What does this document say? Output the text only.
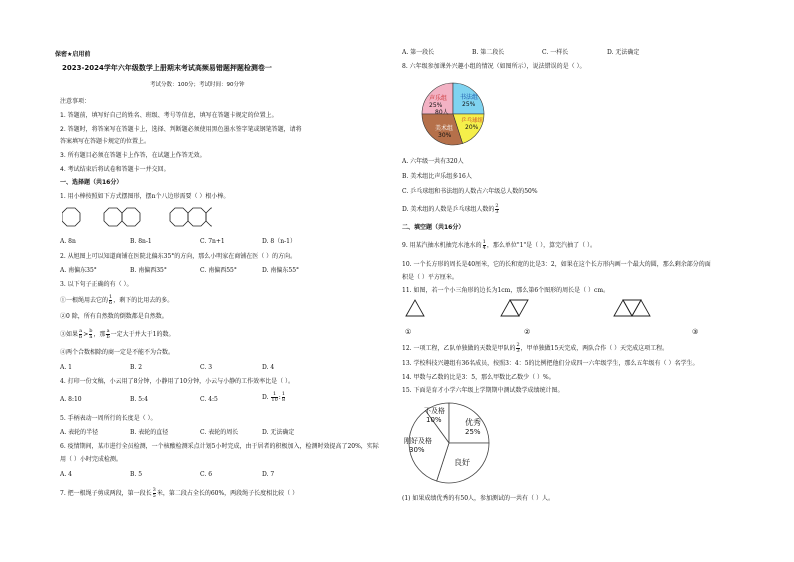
保密★启用前
2023-2024学年六年级数学上册期末考试高频易错题押题检测卷一
考试分数：100分；考试时间：90分钟
注意事项：
1. 答题前，填写好自己的姓名、班级、考号等信息，填写在答题卡规定的位置上。
2. 答题时，将答案写在答题卡上，选择、判断题必须使用黑色墨水签字笔或钢笔答题，请将
答案填写在答题卡规定的位置上。
3. 所有题目必须在答题卡上作答，在试题上作答无效。
4. 考试结束后将试卷和答题卡一并交回。
一、选择题（共16分）
1. 用小棒按照如下方式摆图形，摆n个八边形需要（ ）根小棒。
A. 8n	B. 8n-1	C. 7n+1	D. 8（n-1）
2. 从旭图上可以知道商铺在医院北偏东35°的方向，那么小明家在商铺在医（ ）的方向。
A. 南偏东35°	B. 南偏西35°	C. 南偏西55°	D. 南偏东55°
3. 以下句子正确的有（ ）。
①一根绳用去它的 $\frac{1}{6}$ ，剩下的比用去的多。
②0 除，所有自然数的倒数都是自然数。
③如果 $\frac{a}{b} > \frac{b}{a}$ ，那 $\frac{a}{b}$ 一定大于并大于1的数。
④两个合数相除的商一定是不能不为合数。
A. 1	B. 2	C. 3	D. 4
4. 打印一份文稿，小云用了8分钟，小静用了10分钟，小云与小静的工作效率比是（ ）。
A. 8:10	B. 5:4	C. 4:5	D. $\frac{1}{10}$ : $\frac{1}{8}$
5. 手柄表动一周所行的长度是（ ）。
A. 表轮的半径	B. 表轮的直径	C. 表轮的周长	D. 无法确定
6. 疫情期间，某市进行全员检测，一个核酸检测采点计划5小时完成，由于居者的积极加入，检测时效提高了20%，实际
用（ ）小时完成检测。
A. 4	B. 5	C. 6	D. 7
7. 把一根绳子剪成两段，第一段长 $\frac{3}{5}$ 米，第二段占全长的60%，两段绳子长度相比较（ ）
A. 第一段长	B. 第二段长	C. 一样长	D. 无法确定
8. 六年级参加课外兴趣小组的情况（如图所示），说法错误的是（ ）。
声乐组
25%
80人
书法组
25%
乒乓球组
20%
美术组
30%
A. 六年级一共有320人
B. 美术组比声乐组多16人
C. 乒乓球组和书法组的人数占六年级总人数的50%
D. 美术组的人数是乒乓球组人数的 $\frac{2}{3}$
二、填空题（共16分）
9. 用某汽抽水机抽完水池水的 $\frac{1}{4}$ ，那么单位"1"是（ ），算完汽抽了（ ）。
10. 一个长方形的周长是40厘米，它的长和宽的比是3：2，如果在这个长方形内画一个最大的圆，那么剩余部分的面
积是（ ）平方厘米。
11. 如图，若一个小三角形的边长为1cm，那么第6个图形的周长是（ ）cm。
①	②	③
12. 一项工程，乙队单独做的天数是甲队的 $\frac{2}{3}$ ，甲单独做15天完成，两队合作（ ）天完成这项工程。
13. 学校科技兴趣组有36名成员，按照3：4：5的比例把他们分成四一六年级学生，那么五年级有（ ）名学生。
14. 甲数与乙数的比是3：5，那么甲数比乙数少（ ）%。
15. 下面是育才小学六年级上学期期中测试数学成绩统计图。
不及格
10%	优秀
25%
刚好及格
30%
良好
(1) 如果成绩优秀的有50人，参加测试的一共有（ ）人。
